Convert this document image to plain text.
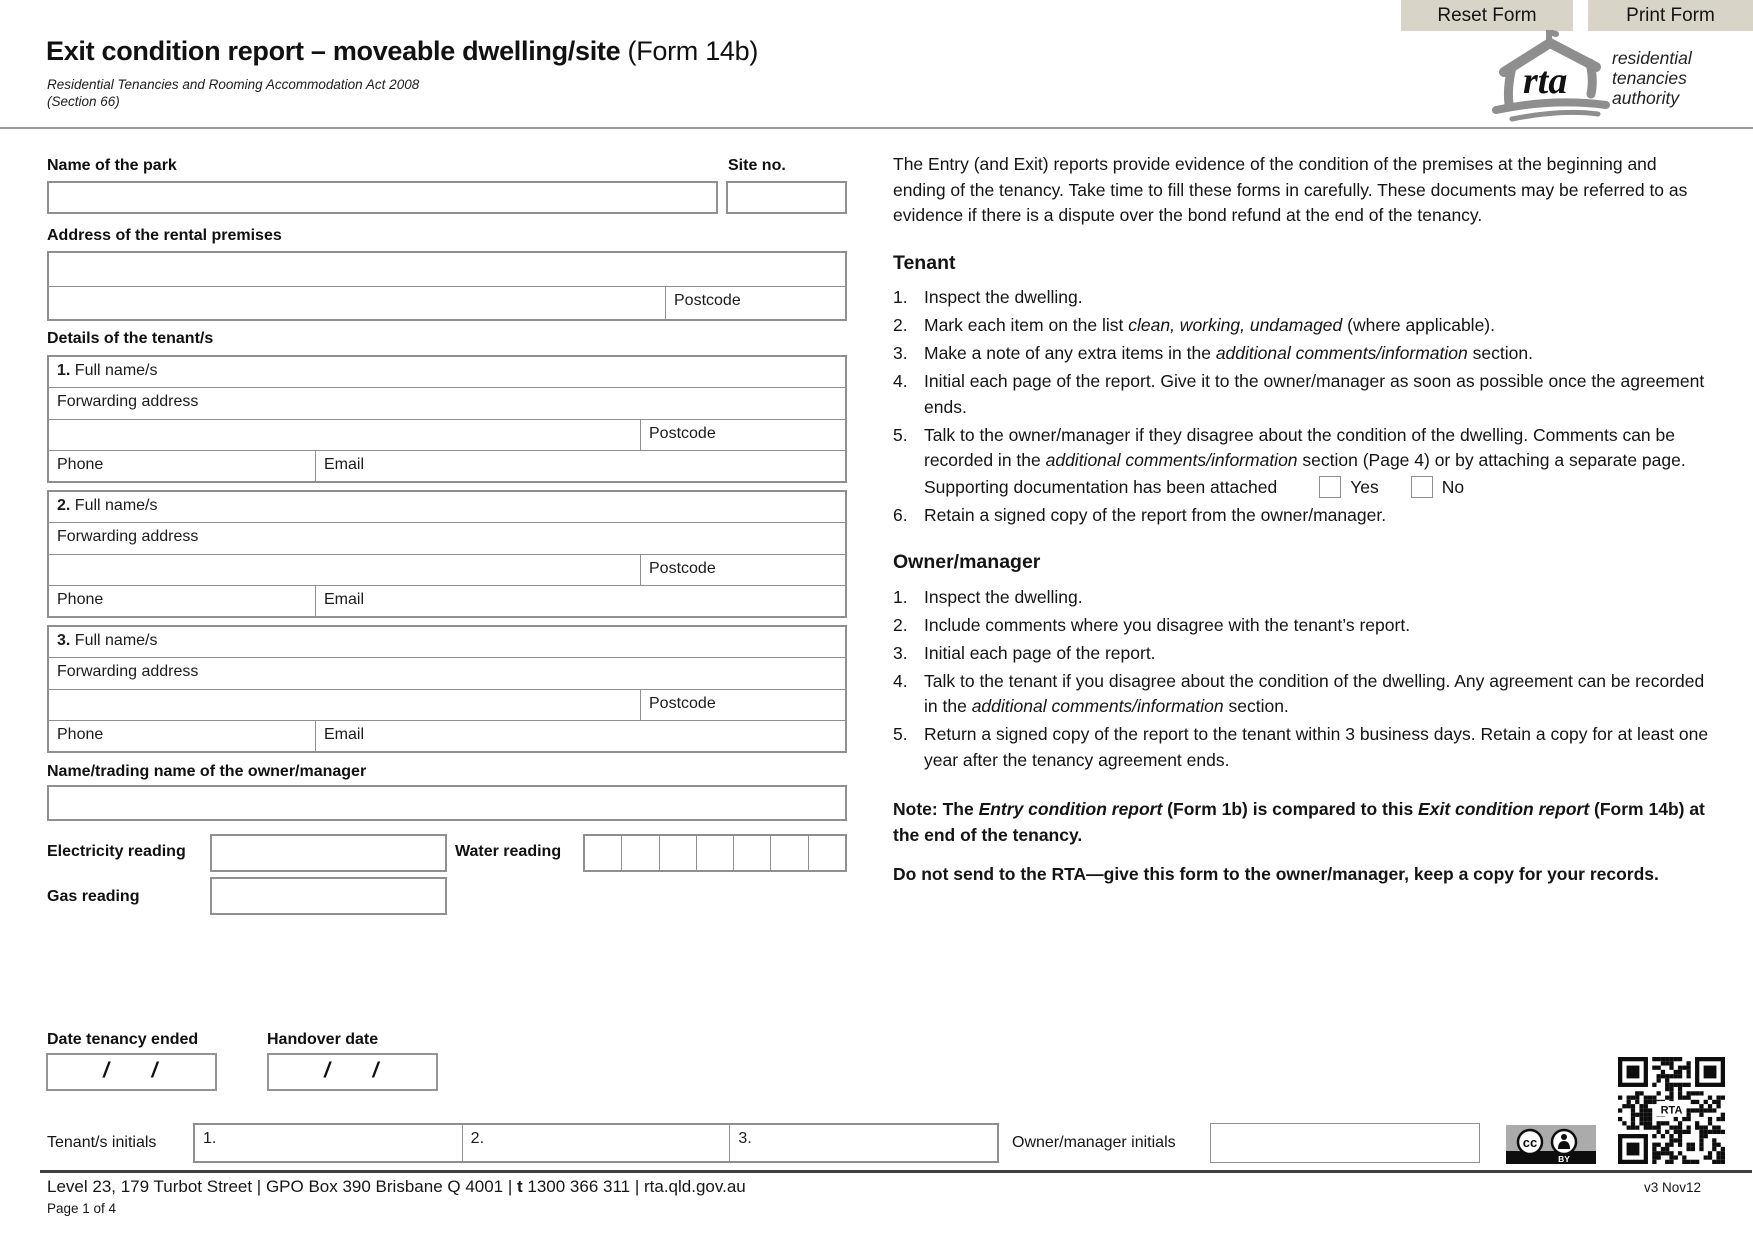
Reset Form	Print Form
Exit condition report – moveable dwelling/site (Form 14b)
Residential Tenancies and Rooming Accommodation Act 2008
(Section 66)	rta
residential
tenancies
authority
Name of the park	Site no.
Address of the rental premises
Postcode
Details of the tenant/s
1. Full name/s
Forwarding address
Postcode
Phone	Email
2. Full name/s
Forwarding address
Postcode
Phone	Email
3. Full name/s
Forwarding address
Postcode
Phone	Email
Name/trading name of the owner/manager
Electricity reading	Water reading
Gas reading
Date tenancy ended	Handover date
/ /	/ /
Tenant/s initials	1.	2.	3.	Owner/manager initials	cc
BY
RTA

The Entry (and Exit) reports provide evidence of the condition of the premises at the beginning and ending of the tenancy. Take time to fill these forms in carefully. These documents may be referred to as evidence if there is a dispute over the bond refund at the end of the tenancy.

Tenant
1. Inspect the dwelling.
2. Mark each item on the list clean, working, undamaged (where applicable).
3. Make a note of any extra items in the additional comments/information section.
4. Initial each page of the report. Give it to the owner/manager as soon as possible once the agreement ends.
5. Talk to the owner/manager if they disagree about the condition of the dwelling. Comments can be recorded in the additional comments/information section (Page 4) or by attaching a separate page.
Supporting documentation has been attached	Yes	No
6. Retain a signed copy of the report from the owner/manager.
Owner/manager
1. Inspect the dwelling.
2. Include comments where you disagree with the tenant’s report.
3. Initial each page of the report.
4. Talk to the tenant if you disagree about the condition of the dwelling. Any agreement can be recorded in the additional comments/information section.
5. Return a signed copy of the report to the tenant within 3 business days. Retain a copy for at least one year after the tenancy agreement ends.

Note: The Entry condition report (Form 1b) is compared to this Exit condition report (Form 14b) at the end of the tenancy.

Do not send to the RTA—give this form to the owner/manager, keep a copy for your records.

Level 23, 179 Turbot Street | GPO Box 390 Brisbane Q 4001 | t 1300 366 311 | rta.qld.gov.au
Page 1 of 4
v3 Nov12
